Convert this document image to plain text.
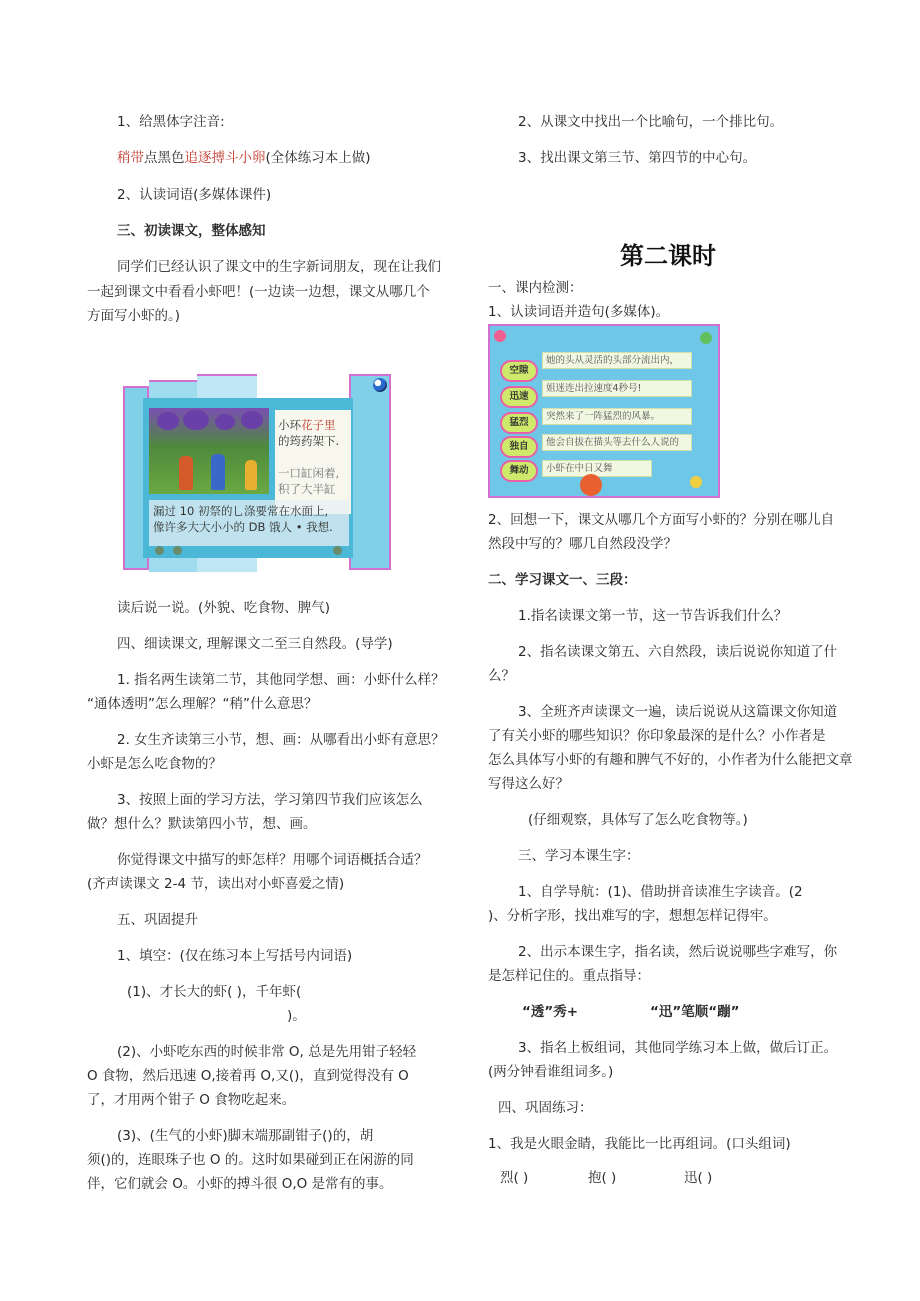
1、给黑体字注音:
稍带点黑色追逐搏斗小卵(全体练习本上做)
2、认读词语(多媒体课件)
三、初读课文，整体感知
同学们已经认识了课文中的生字新词朋友，现在让我们
一起到课文中看看小虾吧！(一边读一边想，课文从哪几个
方面写小虾的。)
小环花子里
的筠药架下.
一口缸闲着,
积了大半缸
漏过 10 初祭的乚涤要常在水面上,
像许多大大小小的 DB 饿人 • 我想.
读后说一说。(外貌、吃食物、脾气)
四、细读课文, 理解课文二至三自然段。(导学)
1. 指名两生读第二节，其他同学想、画：小虾什么样？
“通体透明”怎么理解？“稍”什么意思？
2. 女生齐读第三小节，想、画：从哪看出小虾有意思？
小虾是怎么吃食物的？
3、按照上面的学习方法，学习第四节我们应该怎么
做？想什么？默读第四小节，想、画。
你觉得课文中描写的虾怎样？用哪个词语概括合适？
(齐声读课文 2-4 节，读出对小虾喜爱之情)
五、巩固提升
1、填空：(仅在练习本上写括号内词语)
(1)、才长大的虾( )，千年虾(
)。
(2)、小虾吃东西的时候非常 O, 总是先用钳子轻轻
O 食物，然后迅速 O,接着再 O,又()，直到觉得没有 O
了，才用两个钳子 O 食物吃起来。
(3)、(生气的小虾)脚末端那副钳子()的，胡
须()的，连眼珠子也 O 的。这时如果碰到正在闲游的同
伴，它们就会 O。小虾的搏斗很 O,O 是常有的事。
2、从课文中找出一个比喻句，一个排比句。
3、找出课文第三节、第四节的中心句。
第二课时
一、课内检测：
1、认读词语并造句(多媒体)。
空隙
迅速
猛烈
独自
舞动
她的头从灵活的头部分流出内，
姐迷连出拉速度4秒号!
突然来了一阵猛烈的风暴。
他会自拔在描头等去什么人说的
小虾在中日又舞
2、回想一下，课文从哪几个方面写小虾的？分别在哪儿自
然段中写的？哪几自然段没学？
二、学习课文一、三段：
1.指名读课文第一节，这一节告诉我们什么？
2、指名读课文第五、六自然段，读后说说你知道了什
么？
3、全班齐声读课文一遍，读后说说从这篇课文你知道
了有关小虾的哪些知识？你印象最深的是什么？小作者是
怎么具体写小虾的有趣和脾气不好的，小作者为什么能把文章
写得这么好？
(仔细观察，具体写了怎么吃食物等。)
三、学习本课生字：
1、自学导航：(1)、借助拼音读准生字读音。(2
)、分析字形，找出难写的字，想想怎样记得牢。
2、出示本课生字，指名读，然后说说哪些字难写，你
是怎样记住的。重点指导：
“透”秀+	“迅”笔顺“蹦”
3、指名上板组词，其他同学练习本上做，做后订正。
(两分钟看谁组词多。)
四、巩固练习：
1、我是火眼金睛，我能比一比再组词。(口头组词)
烈( )	抱( )	迅( )
